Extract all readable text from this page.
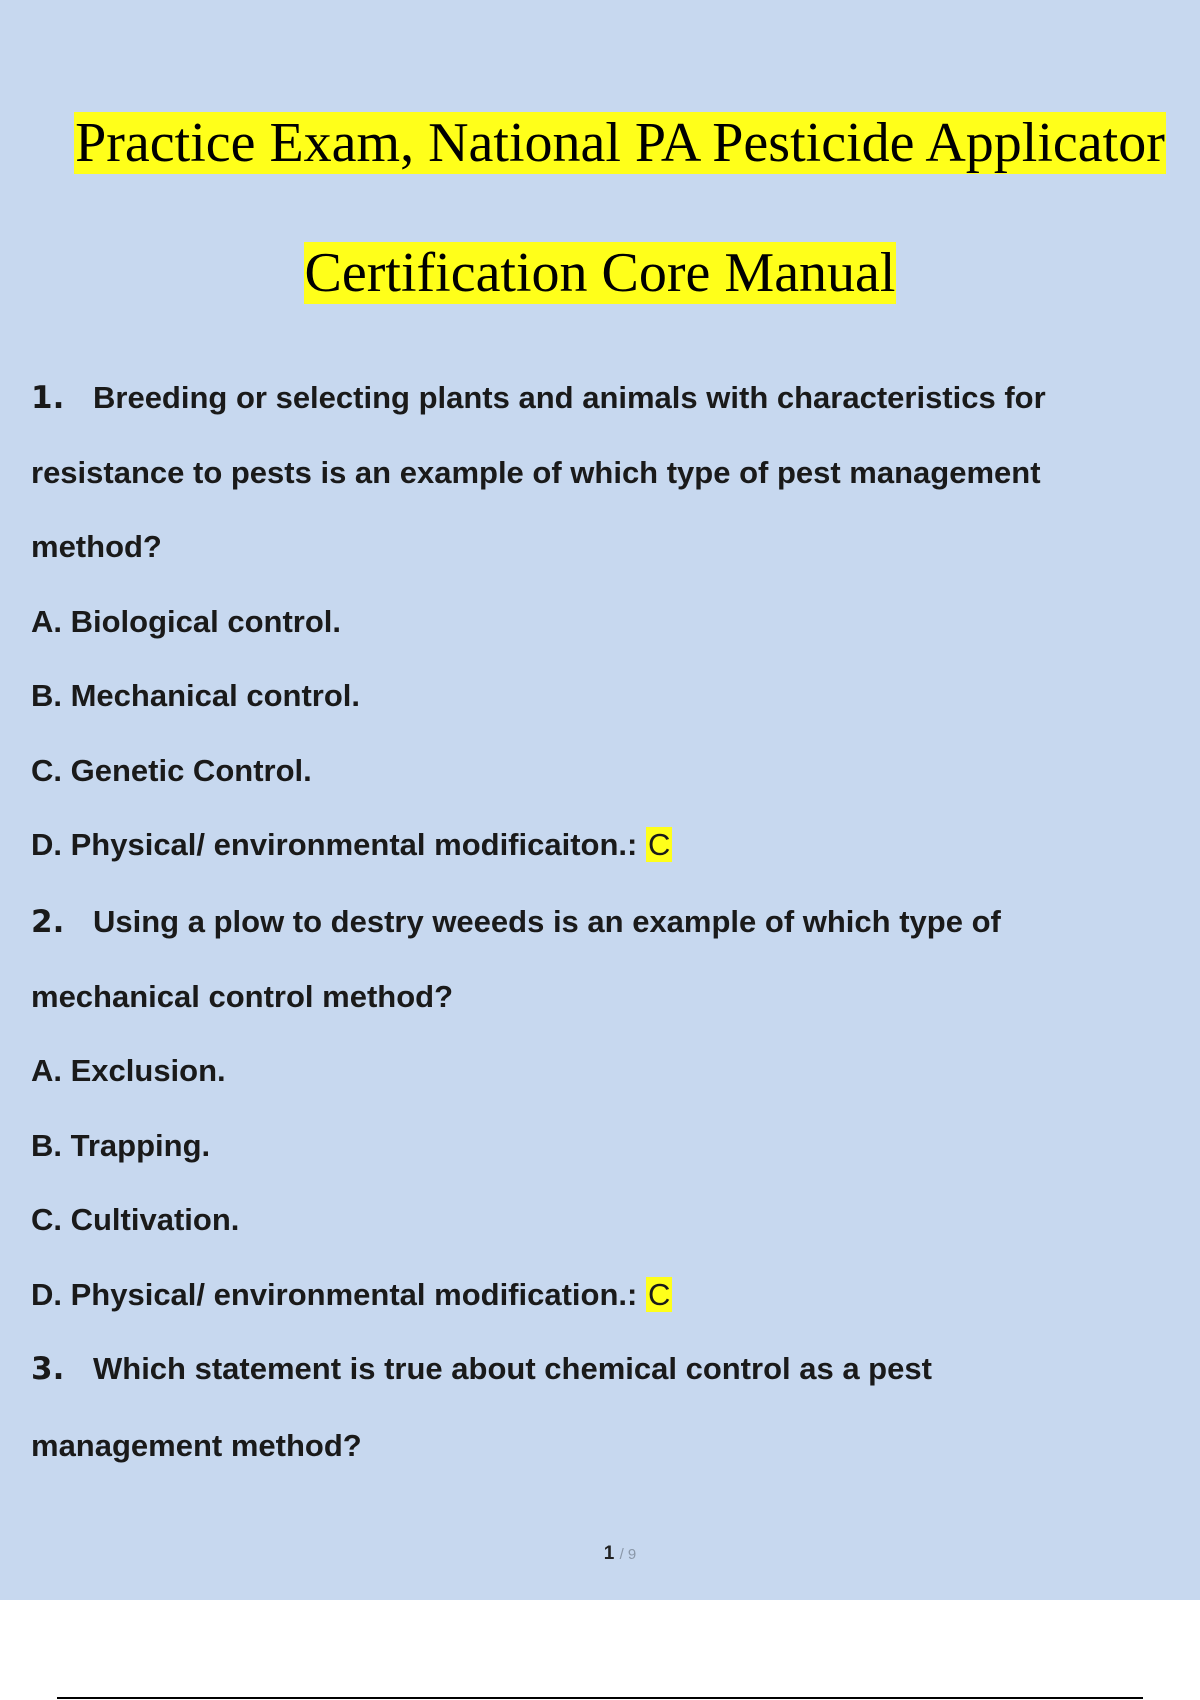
Practice Exam, National PA Pesticide Applicator
Certification Core Manual
1. Breeding or selecting plants and animals with characteristics for
resistance to pests is an example of which type of pest management
method?
A. Biological control.
B. Mechanical control.
C. Genetic Control.
D. Physical/ environmental modificaiton.: C
2. Using a plow to destry weeeds is an example of which type of
mechanical control method?
A. Exclusion.
B. Trapping.
C. Cultivation.
D. Physical/ environmental modification.: C
3. Which statement is true about chemical control as a pest
management method?
1 / 9
